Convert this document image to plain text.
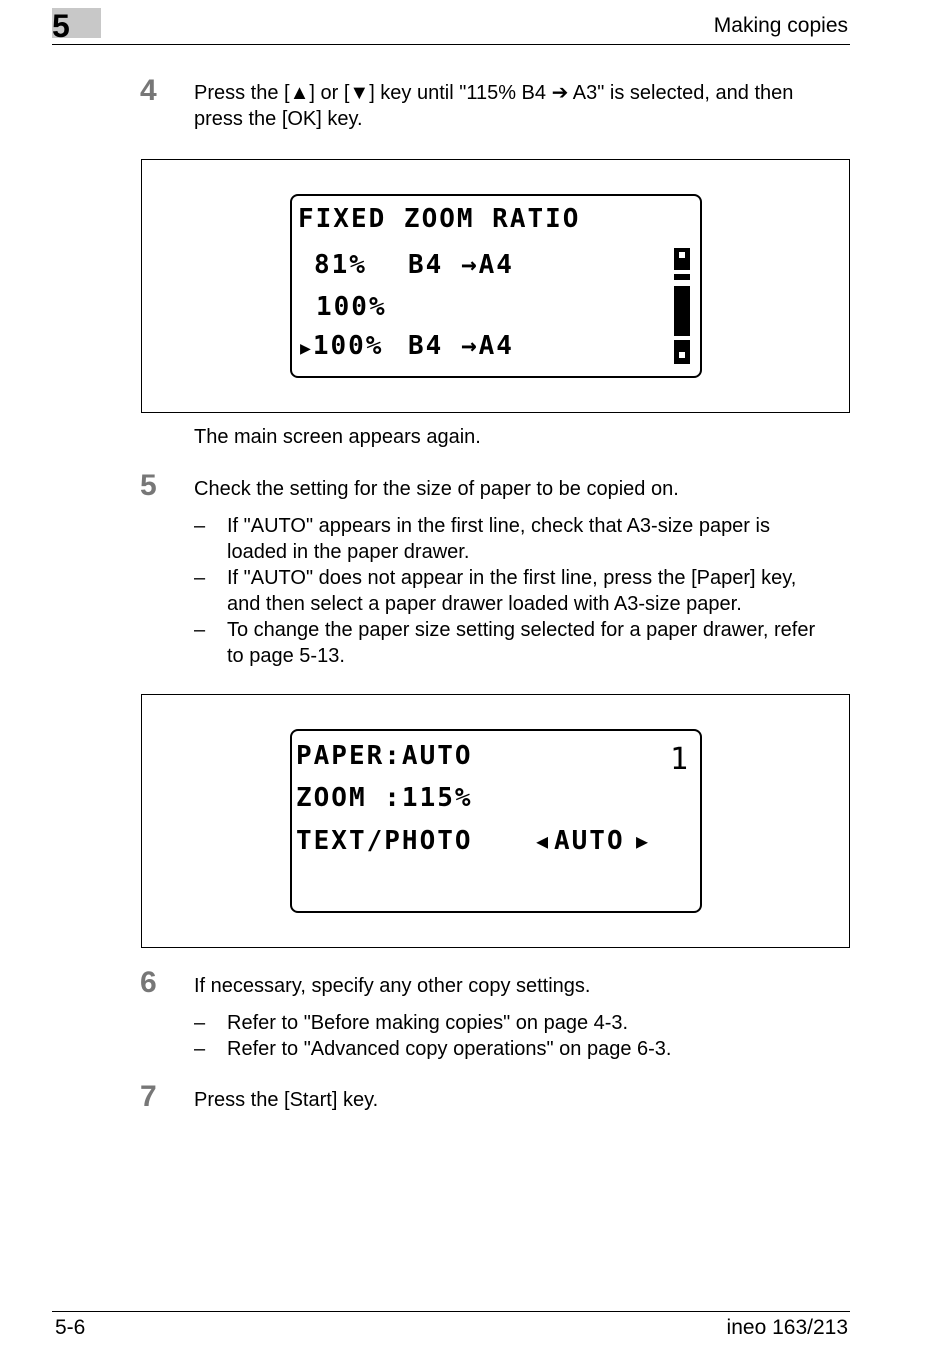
5	Making copies
4 Press the [▲] or [▼] key until "115% B4 ➔ A3" is selected, and then
press the [OK] key.
FIXED ZOOM RATIO
81% B4 →A4
100%
▶100% B4 →A4
The main screen appears again.
5 Check the setting for the size of paper to be copied on.
– If "AUTO" appears in the first line, check that A3-size paper is
loaded in the paper drawer.
– If "AUTO" does not appear in the first line, press the [Paper] key,
and then select a paper drawer loaded with A3-size paper.
– To change the paper size setting selected for a paper drawer, refer
to page 5-13.
PAPER:AUTO	1
ZOOM :115%
TEXT/PHOTO	◀ AUTO ▶
6 If necessary, specify any other copy settings.
– Refer to "Before making copies" on page 4-3.
– Refer to "Advanced copy operations" on page 6-3.
7 Press the [Start] key.
5-6	ineo 163/213
